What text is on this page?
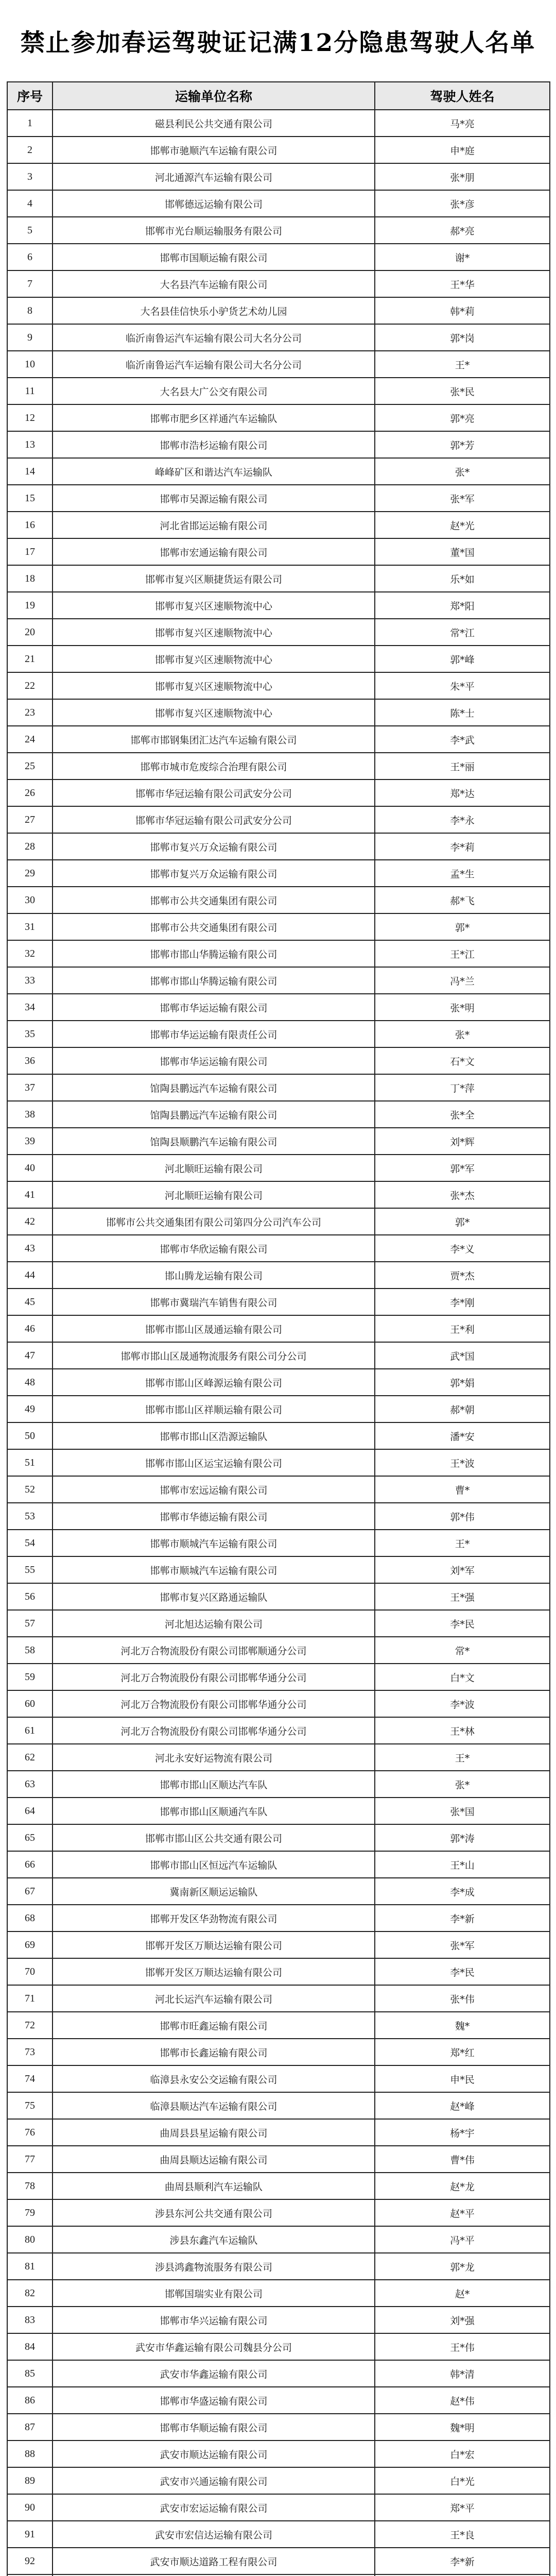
禁止参加春运驾驶证记满12分隐患驾驶人名单
序号	运输单位名称	驾驶人姓名
1	磁县利民公共交通有限公司	马*亮
2	邯郸市驰顺汽车运输有限公司	申*庭
3	河北通源汽车运输有限公司	张*朋
4	邯郸德远运输有限公司	张*彦
5	邯郸市光台顺运输服务有限公司	郝*亮
6	邯郸市国顺运输有限公司	谢*
7	大名县汽车运输有限公司	王*华
8	大名县佳信快乐小驴货艺术幼儿园	韩*莉
9	临沂南鲁运汽车运输有限公司大名分公司	郭*岗
10	临沂南鲁运汽车运输有限公司大名分公司	王*
11	大名县大广公交有限公司	张*民
12	邯郸市肥乡区祥通汽车运输队	郭*亮
13	邯郸市浩杉运输有限公司	郭*芳
14	峰峰矿区和谐达汽车运输队	张*
15	邯郸市吴源运输有限公司	张*军
16	河北省邯运运输有限公司	赵*光
17	邯郸市宏通运输有限公司	董*国
18	邯郸市复兴区顺捷货运有限公司	乐*如
19	邯郸市复兴区速顺物流中心	郑*阳
20	邯郸市复兴区速顺物流中心	常*江
21	邯郸市复兴区速顺物流中心	郭*峰
22	邯郸市复兴区速顺物流中心	朱*平
23	邯郸市复兴区速顺物流中心	陈*士
24	邯郸市邯钢集团汇达汽车运输有限公司	李*武
25	邯郸市城市危废综合治理有限公司	王*丽
26	邯郸市华冠运输有限公司武安分公司	郑*达
27	邯郸市华冠运输有限公司武安分公司	李*永
28	邯郸市复兴万众运输有限公司	李*莉
29	邯郸市复兴万众运输有限公司	孟*生
30	邯郸市公共交通集团有限公司	郝*飞
31	邯郸市公共交通集团有限公司	郭*
32	邯郸市邯山华腾运输有限公司	王*江
33	邯郸市邯山华腾运输有限公司	冯*兰
34	邯郸市华运运输有限公司	张*明
35	邯郸市华运运输有限责任公司	张*
36	邯郸市华运运输有限公司	石*文
37	馆陶县鹏远汽车运输有限公司	丁*萍
38	馆陶县鹏远汽车运输有限公司	张*全
39	馆陶县顺鹏汽车运输有限公司	刘*辉
40	河北顺旺运输有限公司	郭*军
41	河北顺旺运输有限公司	张*杰
42	邯郸市公共交通集团有限公司第四分公司汽车公司	郭*
43	邯郸市华欣运输有限公司	李*义
44	邯山腾龙运输有限公司	贾*杰
45	邯郸市冀瑞汽车销售有限公司	李*刚
46	邯郸市邯山区晟通运输有限公司	王*利
47	邯郸市邯山区晟通物流服务有限公司分公司	武*国
48	邯郸市邯山区峰源运输有限公司	郭*娟
49	邯郸市邯山区祥顺运输有限公司	郝*朝
50	邯郸市邯山区浩源运输队	潘*安
51	邯郸市邯山区运宝运输有限公司	王*波
52	邯郸市宏远运输有限公司	曹*
53	邯郸市华德运输有限公司	郭*伟
54	邯郸市顺城汽车运输有限公司	王*
55	邯郸市顺城汽车运输有限公司	刘*军
56	邯郸市复兴区路通运输队	王*强
57	河北旭达运输有限公司	李*民
58	河北万合物流股份有限公司邯郸顺通分公司	常*
59	河北万合物流股份有限公司邯郸华通分公司	白*文
60	河北万合物流股份有限公司邯郸华通分公司	李*波
61	河北万合物流股份有限公司邯郸华通分公司	王*林
62	河北永安好运物流有限公司	王*
63	邯郸市邯山区顺达汽车队	张*
64	邯郸市邯山区顺通汽车队	张*国
65	邯郸市邯山区公共交通有限公司	郭*涛
66	邯郸市邯山区恒远汽车运输队	王*山
67	冀南新区顺运运输队	李*成
68	邯郸开发区华劲物流有限公司	李*新
69	邯郸开发区万顺达运输有限公司	张*军
70	邯郸开发区万顺达运输有限公司	李*民
71	河北长运汽车运输有限公司	张*伟
72	邯郸市旺鑫运输有限公司	魏*
73	邯郸市长鑫运输有限公司	郑*红
74	临漳县永安公交运输有限公司	申*民
75	临漳县顺达汽车运输有限公司	赵*峰
76	曲周县县星运输有限公司	杨*宇
77	曲周县顺达运输有限公司	曹*伟
78	曲周县顺利汽车运输队	赵*龙
79	涉县东河公共交通有限公司	赵*平
80	涉县东鑫汽车运输队	冯*平
81	涉县鸿鑫物流服务有限公司	郭*龙
82	邯郸国瑞实业有限公司	赵*
83	邯郸市华兴运输有限公司	刘*强
84	武安市华鑫运输有限公司魏县分公司	王*伟
85	武安市华鑫运输有限公司	韩*清
86	邯郸市华盛运输有限公司	赵*伟
87	邯郸市华顺运输有限公司	魏*明
88	武安市顺达运输有限公司	白*宏
89	武安市兴通运输有限公司	白*光
90	武安市宏运运输有限公司	郑*平
91	武安市宏信达运输有限公司	王*良
92	武安市顺达道路工程有限公司	李*新
